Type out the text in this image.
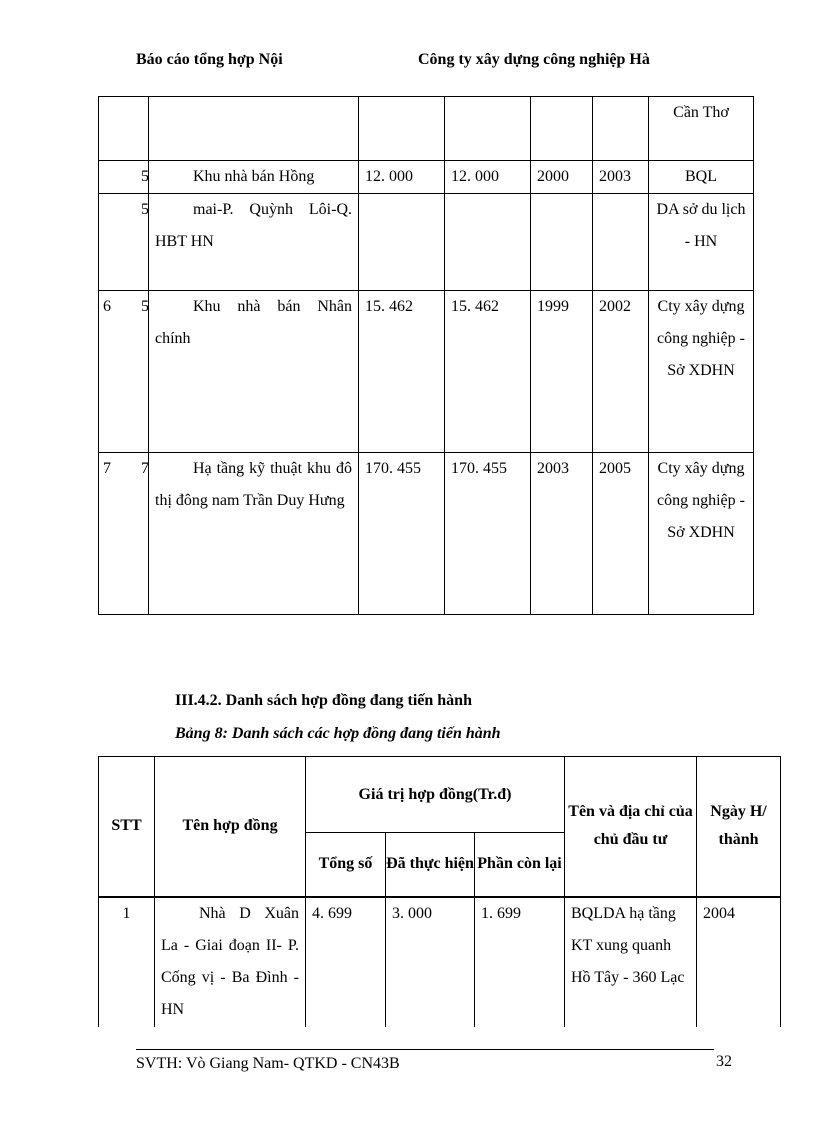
Báo cáo tổng hợp Nội	Công ty xây dựng công nghiệp Hà
						Cần Thơ

5	Khu nhà bán Hồng	12. 000	12. 000	2000	2003	BQL

5	mai-P. Quỳnh Lôi-Q. HBT HN					DA sở du lịch - HN
6 5	Khu nhà bán Nhân chính	15. 462	15. 462	1999	2002	Cty xây dựng công nghiệp - Sở XDHN
7 7	Hạ tầng kỹ thuật khu đô thị đông nam Trần Duy Hưng	170. 455	170. 455	2003	2005	Cty xây dựng công nghiệp - Sở XDHN
III.4.2. Danh sách hợp đồng đang tiến hành
Bảng 8: Danh sách các hợp đồng đang tiến hành
STT	Tên hợp đồng	Giá trị hợp đồng(Tr.đ)			Tên và địa chỉ của chủ đầu tư	Ngày H/ thành
		Tổng số	Đã thực hiện	Phần còn lại		
1	Nhà D Xuân La - Giai đoạn II- P. Cống vị - Ba Đình - HN	4. 699	3. 000	1. 699	BQLDA hạ tầng KT xung quanh Hồ Tây - 360 Lạc	2004
SVTH: Vò Giang Nam- QTKD - CN43B	32
